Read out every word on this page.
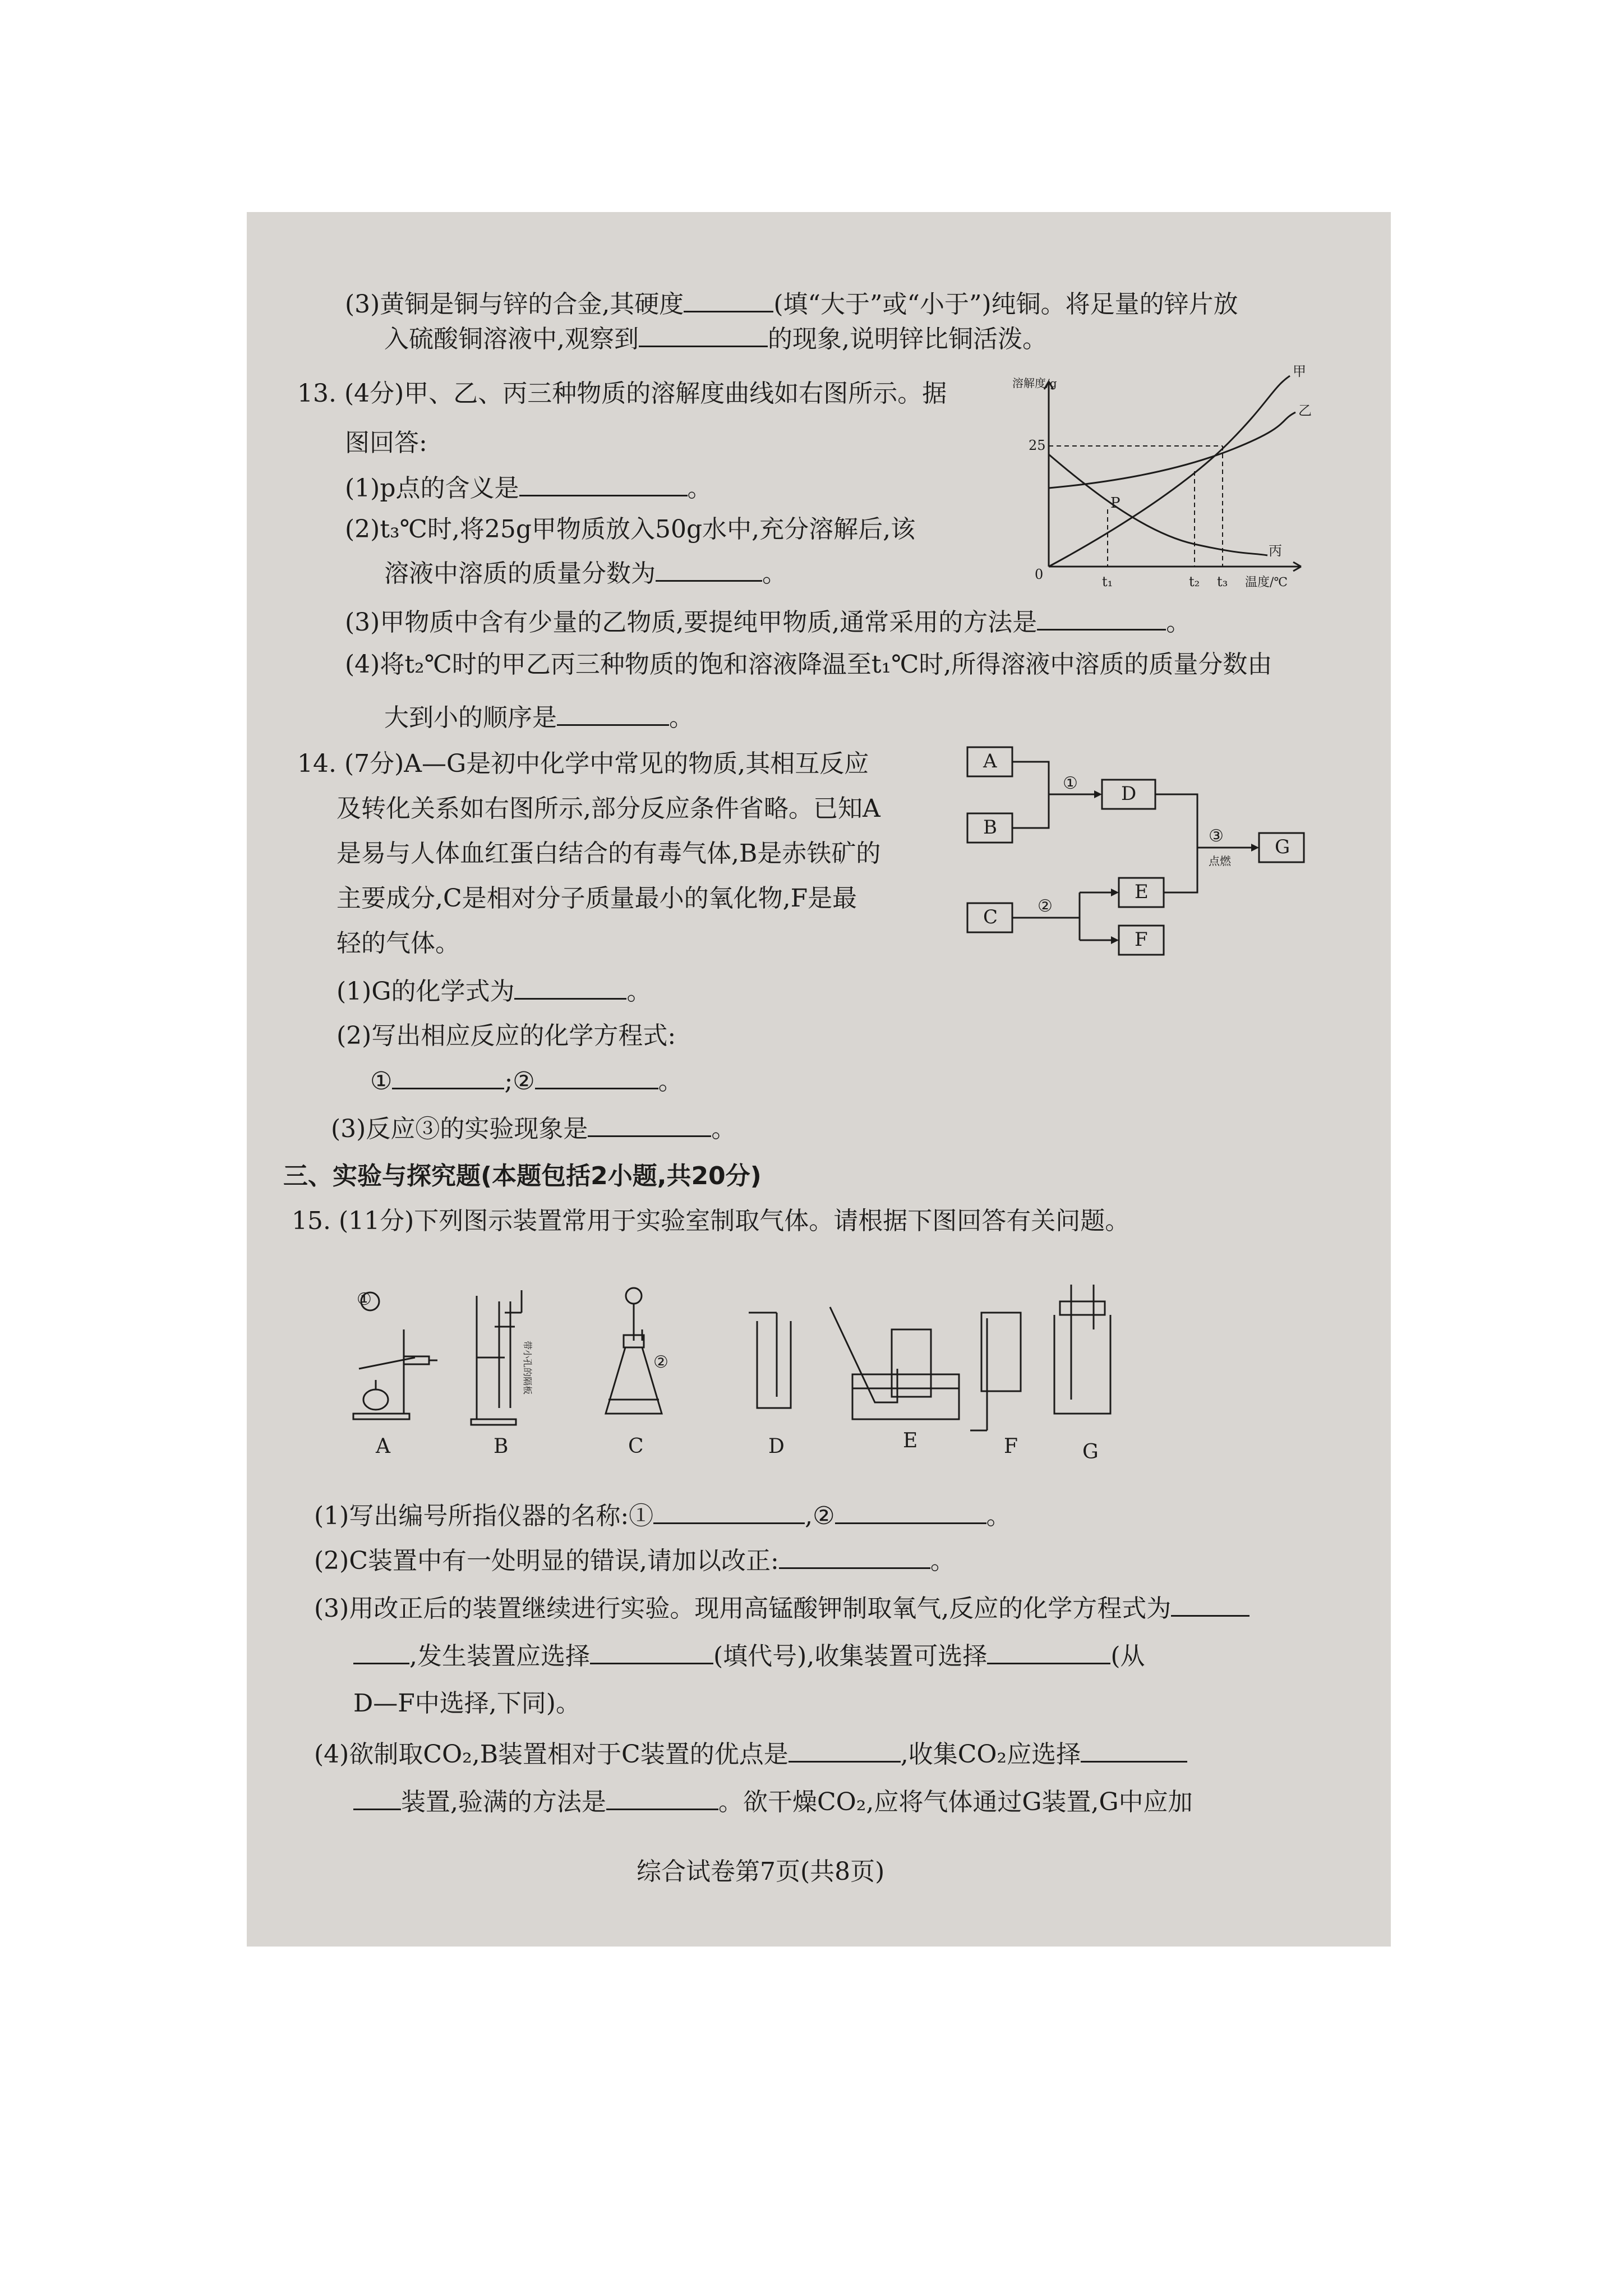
(3)黄铜是铜与锌的合金,其硬度	(填“大于”或“小于”)纯铜。将足量的锌片放
入硫酸铜溶液中,观察到	的现象,说明锌比铜活泼。
13. (4分)甲、乙、丙三种物质的溶解度曲线如右图所示。据
图回答:
(1)p点的含义是	。
(2)t₃℃时,将25g甲物质放入50g水中,充分溶解后,该
溶液中溶质的质量分数为	。
(3)甲物质中含有少量的乙物质,要提纯甲物质,通常采用的方法是	。
(4)将t₂℃时的甲乙丙三种物质的饱和溶液降温至t₁℃时,所得溶液中溶质的质量分数由
大到小的顺序是	。
溶解度/g
25
0	t₁	t₂ t₃ 温度/℃
P
甲
乙
丙
14. (7分)A—G是初中化学中常见的物质,其相互反应
及转化关系如右图所示,部分反应条件省略。已知A
是易与人体血红蛋白结合的有毒气体,B是赤铁矿的
主要成分,C是相对分子质量最小的氧化物,F是最
轻的气体。
(1)G的化学式为	。
(2)写出相应反应的化学方程式:
①	;②	。
(3)反应③的实验现象是	。
A
B
D
C
E
F
G
①
③
点燃
②
三、实验与探究题(本题包括2小题,共20分)
15. (11分)下列图示装置常用于实验室制取气体。请根据下图回答有关问题。
①
②
带小孔的隔板
A	B	C	D	E	F	G
(1)写出编号所指仪器的名称:①	,②	。
(2)C装置中有一处明显的错误,请加以改正:	。
(3)用改正后的装置继续进行实验。现用高锰酸钾制取氧气,反应的化学方程式为
,发生装置应选择	(填代号),收集装置可选择	(从
D—F中选择,下同)。
(4)欲制取CO₂,B装置相对于C装置的优点是	,收集CO₂应选择
装置,验满的方法是	。欲干燥CO₂,应将气体通过G装置,G中应加
综合试卷第7页(共8页)
